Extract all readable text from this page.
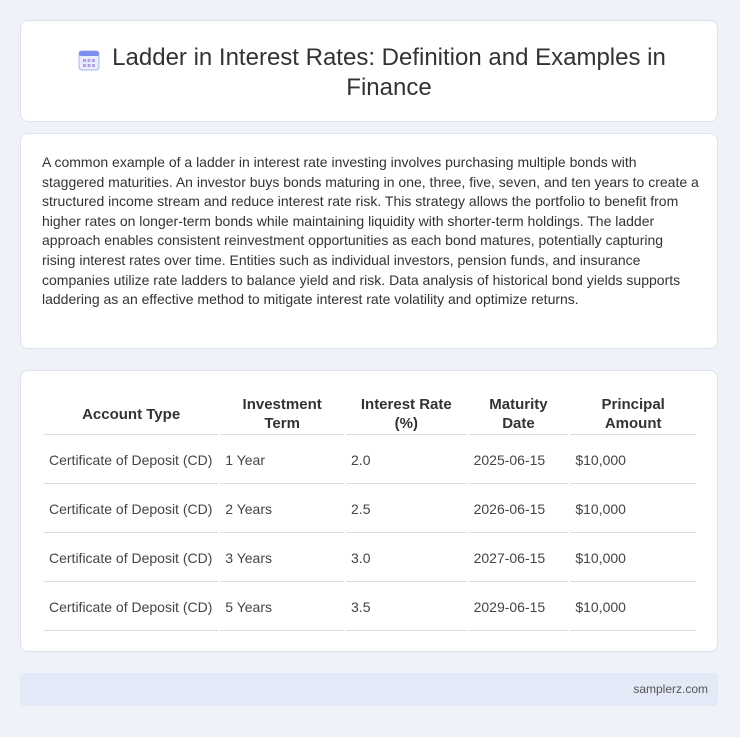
Ladder in Interest Rates: Definition and Examples in Finance

A common example of a ladder in interest rate investing involves purchasing multiple bonds with staggered maturities. An investor buys bonds maturing in one, three, five, seven, and ten years to create a structured income stream and reduce interest rate risk. This strategy allows the portfolio to benefit from higher rates on longer-term bonds while maintaining liquidity with shorter-term holdings. The ladder approach enables consistent reinvestment opportunities as each bond matures, potentially capturing rising interest rates over time. Entities such as individual investors, pension funds, and insurance companies utilize rate ladders to balance yield and risk. Data analysis of historical bond yields supports laddering as an effective method to mitigate interest rate volatility and optimize returns.

Account Type	Investment Term	Interest Rate (%)	Maturity Date	Principal Amount
Certificate of Deposit (CD)	1 Year	2.0	2025-06-15	$10,000
Certificate of Deposit (CD)	2 Years	2.5	2026-06-15	$10,000
Certificate of Deposit (CD)	3 Years	3.0	2027-06-15	$10,000
Certificate of Deposit (CD)	5 Years	3.5	2029-06-15	$10,000
samplerz.com
